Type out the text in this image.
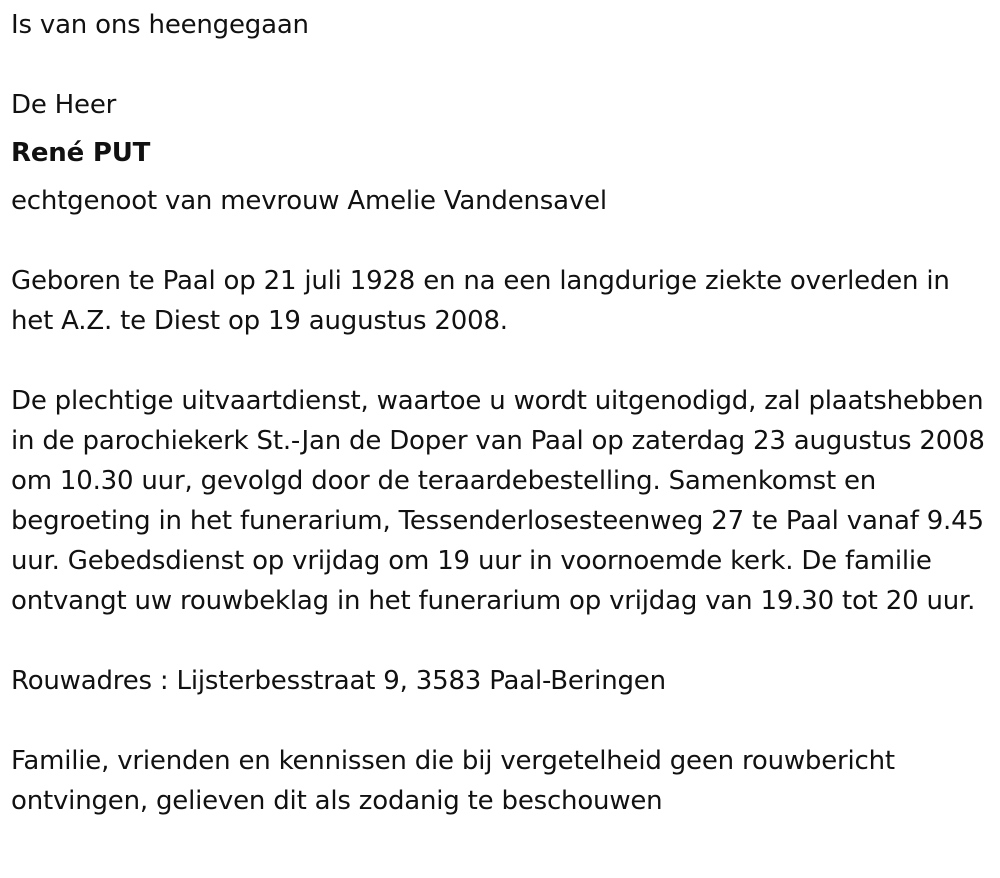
Is van ons heengegaan

De Heer

René PUT

echtgenoot van mevrouw Amelie Vandensavel

Geboren te Paal op 21 juli 1928 en na een langdurige ziekte overleden in het A.Z. te Diest op 19 augustus 2008.

De plechtige uitvaartdienst, waartoe u wordt uitgenodigd, zal plaatshebben in de parochiekerk St.-Jan de Doper van Paal op zaterdag 23 augustus 2008 om 10.30 uur, gevolgd door de teraardebestelling. Samenkomst en begroeting in het funerarium, Tessenderlosesteenweg 27 te Paal vanaf 9.45 uur. Gebedsdienst op vrijdag om 19 uur in voornoemde kerk. De familie ontvangt uw rouwbeklag in het funerarium op vrijdag van 19.30 tot 20 uur.

Rouwadres : Lijsterbesstraat 9, 3583 Paal-Beringen

Familie, vrienden en kennissen die bij vergetelheid geen rouwbericht ontvingen, gelieven dit als zodanig te beschouwen
